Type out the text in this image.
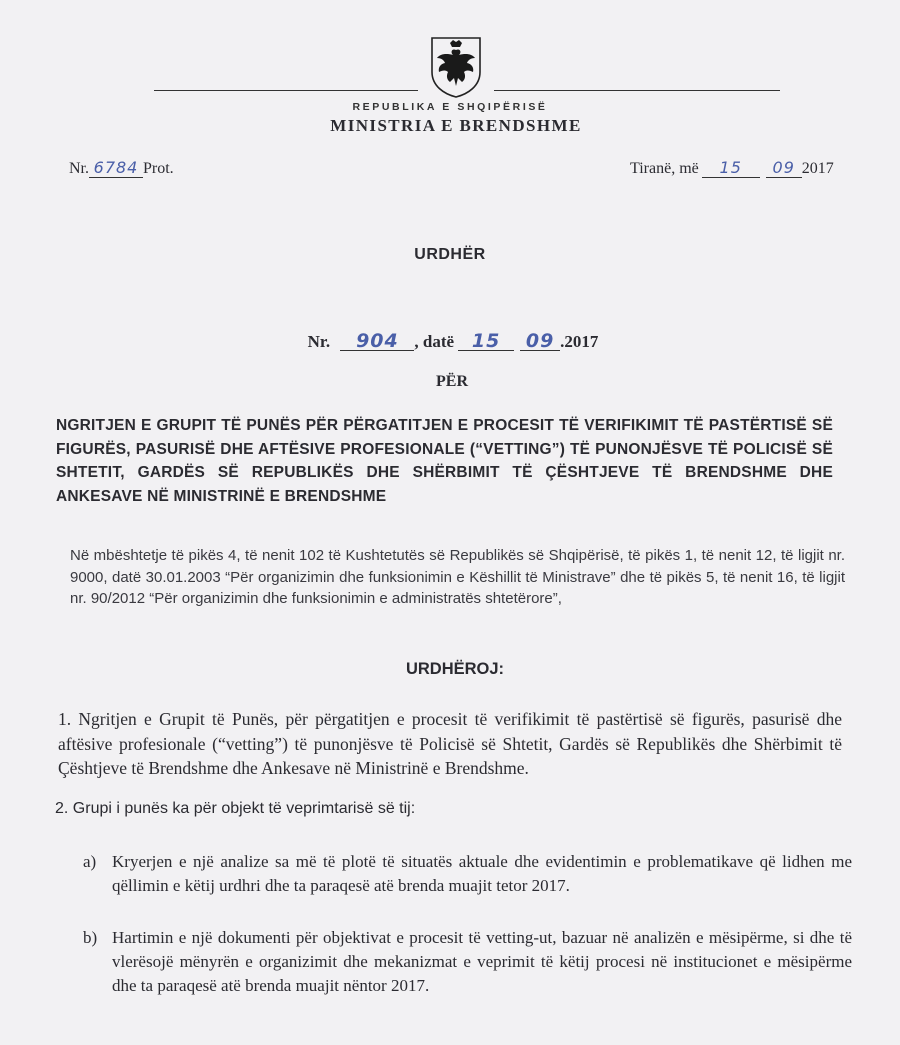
REPUBLIKA E SHQIPËRISË
MINISTRIA E BRENDSHME
Nr. 6784 Prot.	Tiranë, më 15 09 2017
URDHËR
Nr. 904 , datë 15 09 .2017
PËR
NGRITJEN E GRUPIT TË PUNËS PËR PËRGATITJEN E PROCESIT TË VERIFIKIMIT TË PASTËRTISË SË FIGURËS, PASURISË DHE AFTËSIVE PROFESIONALE (“VETTING”) TË PUNONJËSVE TË POLICISË SË SHTETIT, GARDËS SË REPUBLIKËS DHE SHËRBIMIT TË ÇËSHTJEVE TË BRENDSHME DHE ANKESAVE NË MINISTRINË E BRENDSHME
Në mbështetje të pikës 4, të nenit 102 të Kushtetutës së Republikës së Shqipërisë, të pikës 1, të nenit 12, të ligjit nr. 9000, datë 30.01.2003 “Për organizimin dhe funksionimin e Këshillit të Ministrave” dhe të pikës 5, të nenit 16, të ligjit nr. 90/2012 “Për organizimin dhe funksionimin e administratës shtetërore”,
URDHËROJ:
1. Ngritjen e Grupit të Punës, për përgatitjen e procesit të verifikimit të pastërtisë së figurës, pasurisë dhe aftësive profesionale (“vetting”) të punonjësve të Policisë së Shtetit, Gardës së Republikës dhe Shërbimit të Çështjeve të Brendshme dhe Ankesave në Ministrinë e Brendshme.
2. Grupi i punës ka për objekt të veprimtarisë së tij:
a) Kryerjen e një analize sa më të plotë të situatës aktuale dhe evidentimin e problematikave që lidhen me qëllimin e këtij urdhri dhe ta paraqesë atë brenda muajit tetor 2017.
b) Hartimin e një dokumenti për objektivat e procesit të vetting-ut, bazuar në analizën e mësipërme, si dhe të vlerësojë mënyrën e organizimit dhe mekanizmat e veprimit të këtij procesi në institucionet e mësipërme dhe ta paraqesë atë brenda muajit nëntor 2017.
